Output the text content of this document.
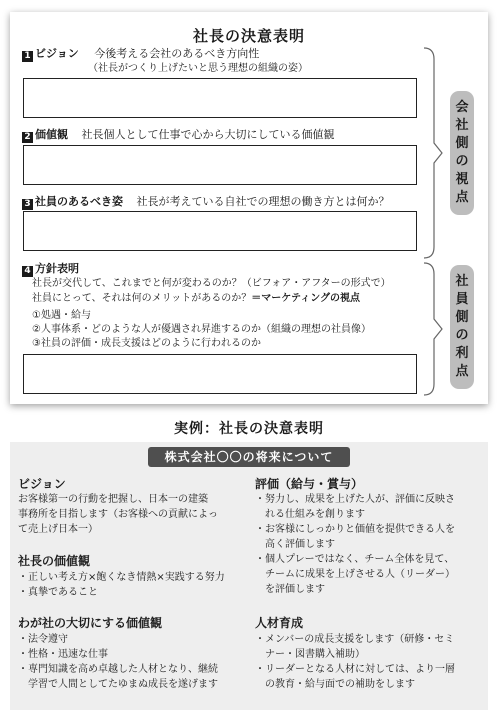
社長の決意表明
1 ビジョン 今後考える会社のあるべき方向性
（社長がつくり上げたいと思う理想の組織の姿）
2 価値観 社長個人として仕事で心から大切にしている価値観
3 社員のあるべき姿 社長が考えている自社での理想の働き方とは何か？
4 方針表明
社長が交代して、これまでと何が変わるのか？（ビフォア・アフターの形式で）
社員にとって、それは何のメリットがあるのか？＝マーケティングの視点
①処遇・給与
②人事体系・どのような人が優遇され昇進するのか（組織の理想の社員像）
③社員の評価・成長支援はどのように行われるのか
会
社
側
の
視
点
社
員
側
の
利
点
実例：社長の決意表明
株式会社〇〇の将来について
ビジョン
お客様第一の行動を把握し、日本一の建築
事務所を目指します（お客様への貢献によっ
て売上げ日本一）
社長の価値観
・正しい考え方×飽くなき情熱×実践する努力
・真摯であること
わが社の大切にする価値観
・法令遵守
・性格・迅速な仕事
・専門知識を高め卓越した人材となり、継続
　学習で人間としてたゆまぬ成長を遂げます
評価（給与・賞与）
・努力し、成果を上げた人が、評価に反映さ
　れる仕組みを創ります
・お客様にしっかりと価値を提供できる人を
　高く評価します
・個人プレーではなく、チーム全体を見て、
　チームに成果を上げさせる人（リーダー）
　を評価します
人材育成
・メンバーの成長支援をします（研修・セミ
　ナー・図書購入補助）
・リーダーとなる人材に対しては、より一層
　の教育・給与面での補助をします
